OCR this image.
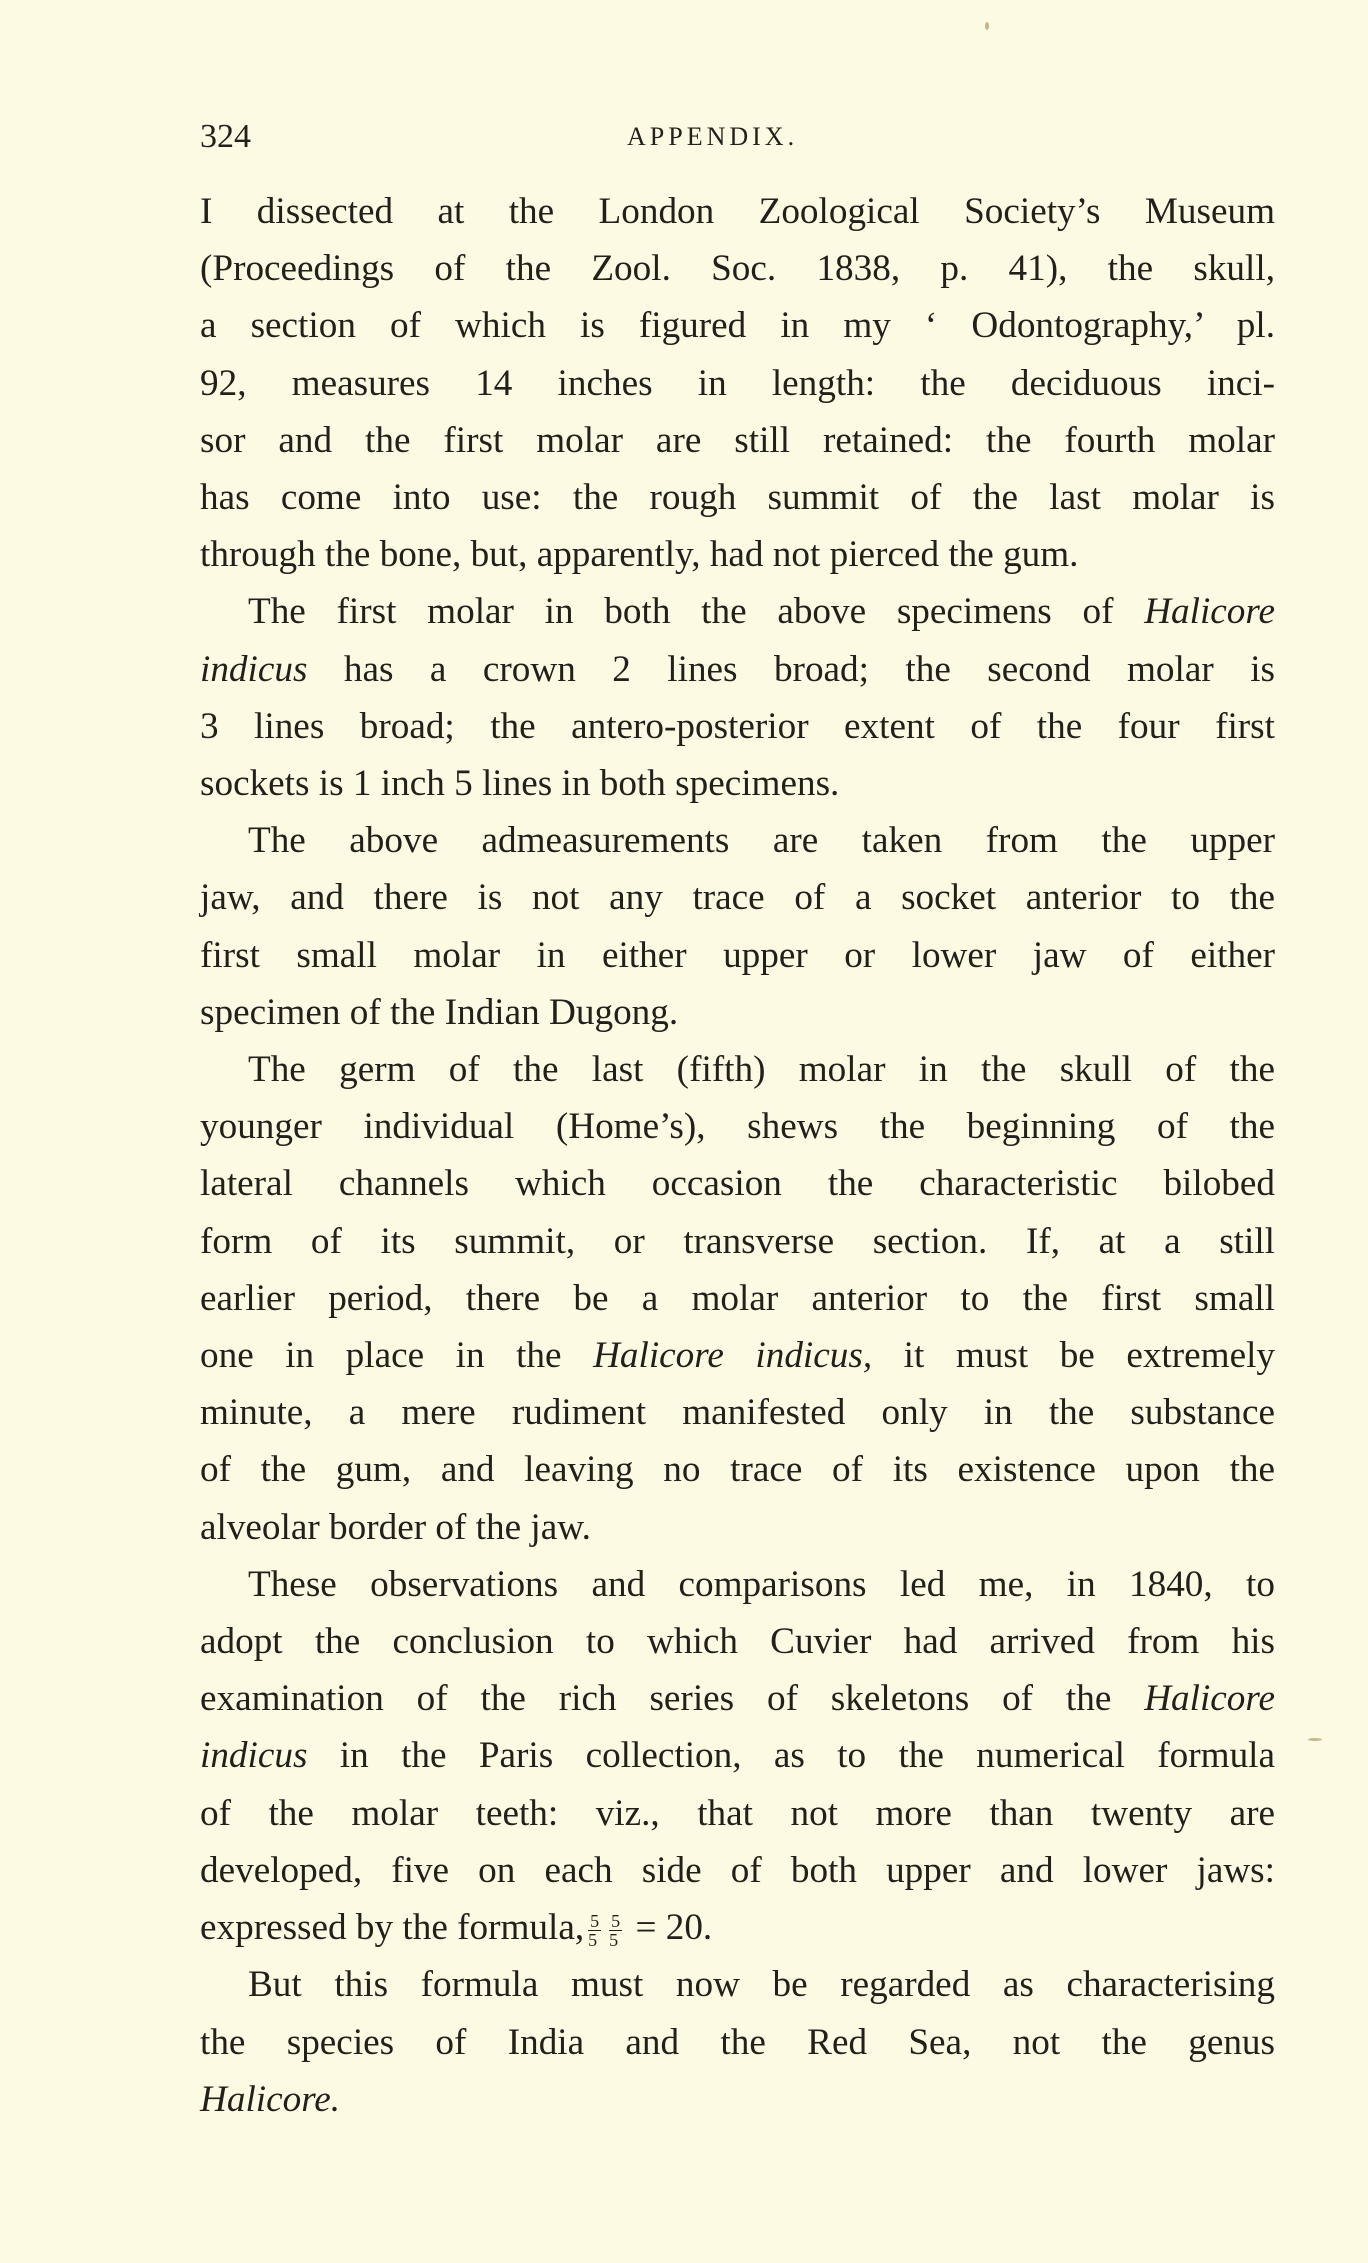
324	APPENDIX.
I dissected at the London Zoological Society’s Museum
(Proceedings of the Zool. Soc. 1838, p. 41), the skull,
a section of which is figured in my ‘ Odontography,’ pl.
92, measures 14 inches in length: the deciduous inci-
sor and the first molar are still retained: the fourth molar
has come into use: the rough summit of the last molar is
through the bone, but, apparently, had not pierced the gum.
The first molar in both the above specimens of Halicore
indicus has a crown 2 lines broad; the second molar is
3 lines broad; the antero-posterior extent of the four first
sockets is 1 inch 5 lines in both specimens.
The above admeasurements are taken from the upper
jaw, and there is not any trace of a socket anterior to the
first small molar in either upper or lower jaw of either
specimen of the Indian Dugong.
The germ of the last (fifth) molar in the skull of the
younger individual (Home’s), shews the beginning of the
lateral channels which occasion the characteristic bilobed
form of its summit, or transverse section. If, at a still
earlier period, there be a molar anterior to the first small
one in place in the Halicore indicus, it must be extremely
minute, a mere rudiment manifested only in the substance
of the gum, and leaving no trace of its existence upon the
alveolar border of the jaw.
These observations and comparisons led me, in 1840, to
adopt the conclusion to which Cuvier had arrived from his
examination of the rich series of skeletons of the Halicore
indicus in the Paris collection, as to the numerical formula
of the molar teeth: viz., that not more than twenty are
developed, five on each side of both upper and lower jaws:
expressed by the formula, $\frac{5}{5} \frac{5}{5} = 20$.
But this formula must now be regarded as characterising
the species of India and the Red Sea, not the genus
Halicore.
